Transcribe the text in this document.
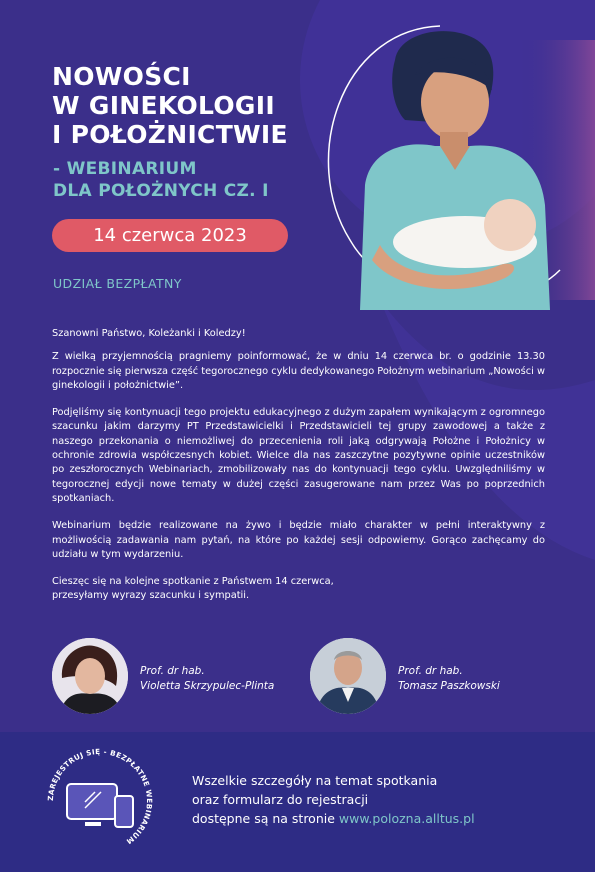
NOWOŚCI
W GINEKOLOGII
I POŁOŻNICTWIE
- WEBINARIUM
DLA POŁOŻNYCH CZ. I
14 czerwca 2023
UDZIAŁ BEZPŁATNY

Szanowni Państwo, Koleżanki i Koledzy!

Z wielką przyjemnością pragniemy poinformować, że w dniu 14 czerwca br. o godzinie 13.30 rozpocznie się pierwsza część tegorocznego cyklu dedykowanego Położnym webinarium „Nowości w ginekologii i położnictwie”.

Podjęliśmy się kontynuacji tego projektu edukacyjnego z dużym zapałem wynikającym z ogromnego szacunku jakim darzymy PT Przedstawicielki i Przedstawicieli tej grupy zawodowej a także z naszego przekonania o niemożliwej do przecenienia roli jaką odgrywają Położne i Położnicy w ochronie zdrowia współczesnych kobiet. Wielce dla nas zaszczytne pozytywne opinie uczestników po zeszłorocznych Webinariach, zmobilizowały nas do kontynuacji tego cyklu. Uwzględniliśmy w tegorocznej edycji nowe tematy w dużej części zasugerowane nam przez Was po poprzednich spotkaniach.

Webinarium będzie realizowane na żywo i będzie miało charakter w pełni interaktywny z możliwością zadawania nam pytań, na które po każdej sesji odpowiemy. Gorąco zachęcamy do udziału w tym wydarzeniu.

Cieszęc się na kolejne spotkanie z Państwem 14 czerwca,
przesyłamy wyrazy szacunku i sympatii.

Prof. dr hab.
Violetta Skrzypulec-Plinta
Prof. dr hab.
Tomasz Paszkowski
ZAREJESTRUJ SIĘ - BEZPŁATNE WEBINARIUM
Wszelkie szczegóły na temat spotkania
oraz formularz do rejestracji
dostępne są na stronie www.polozna.alltus.pl
